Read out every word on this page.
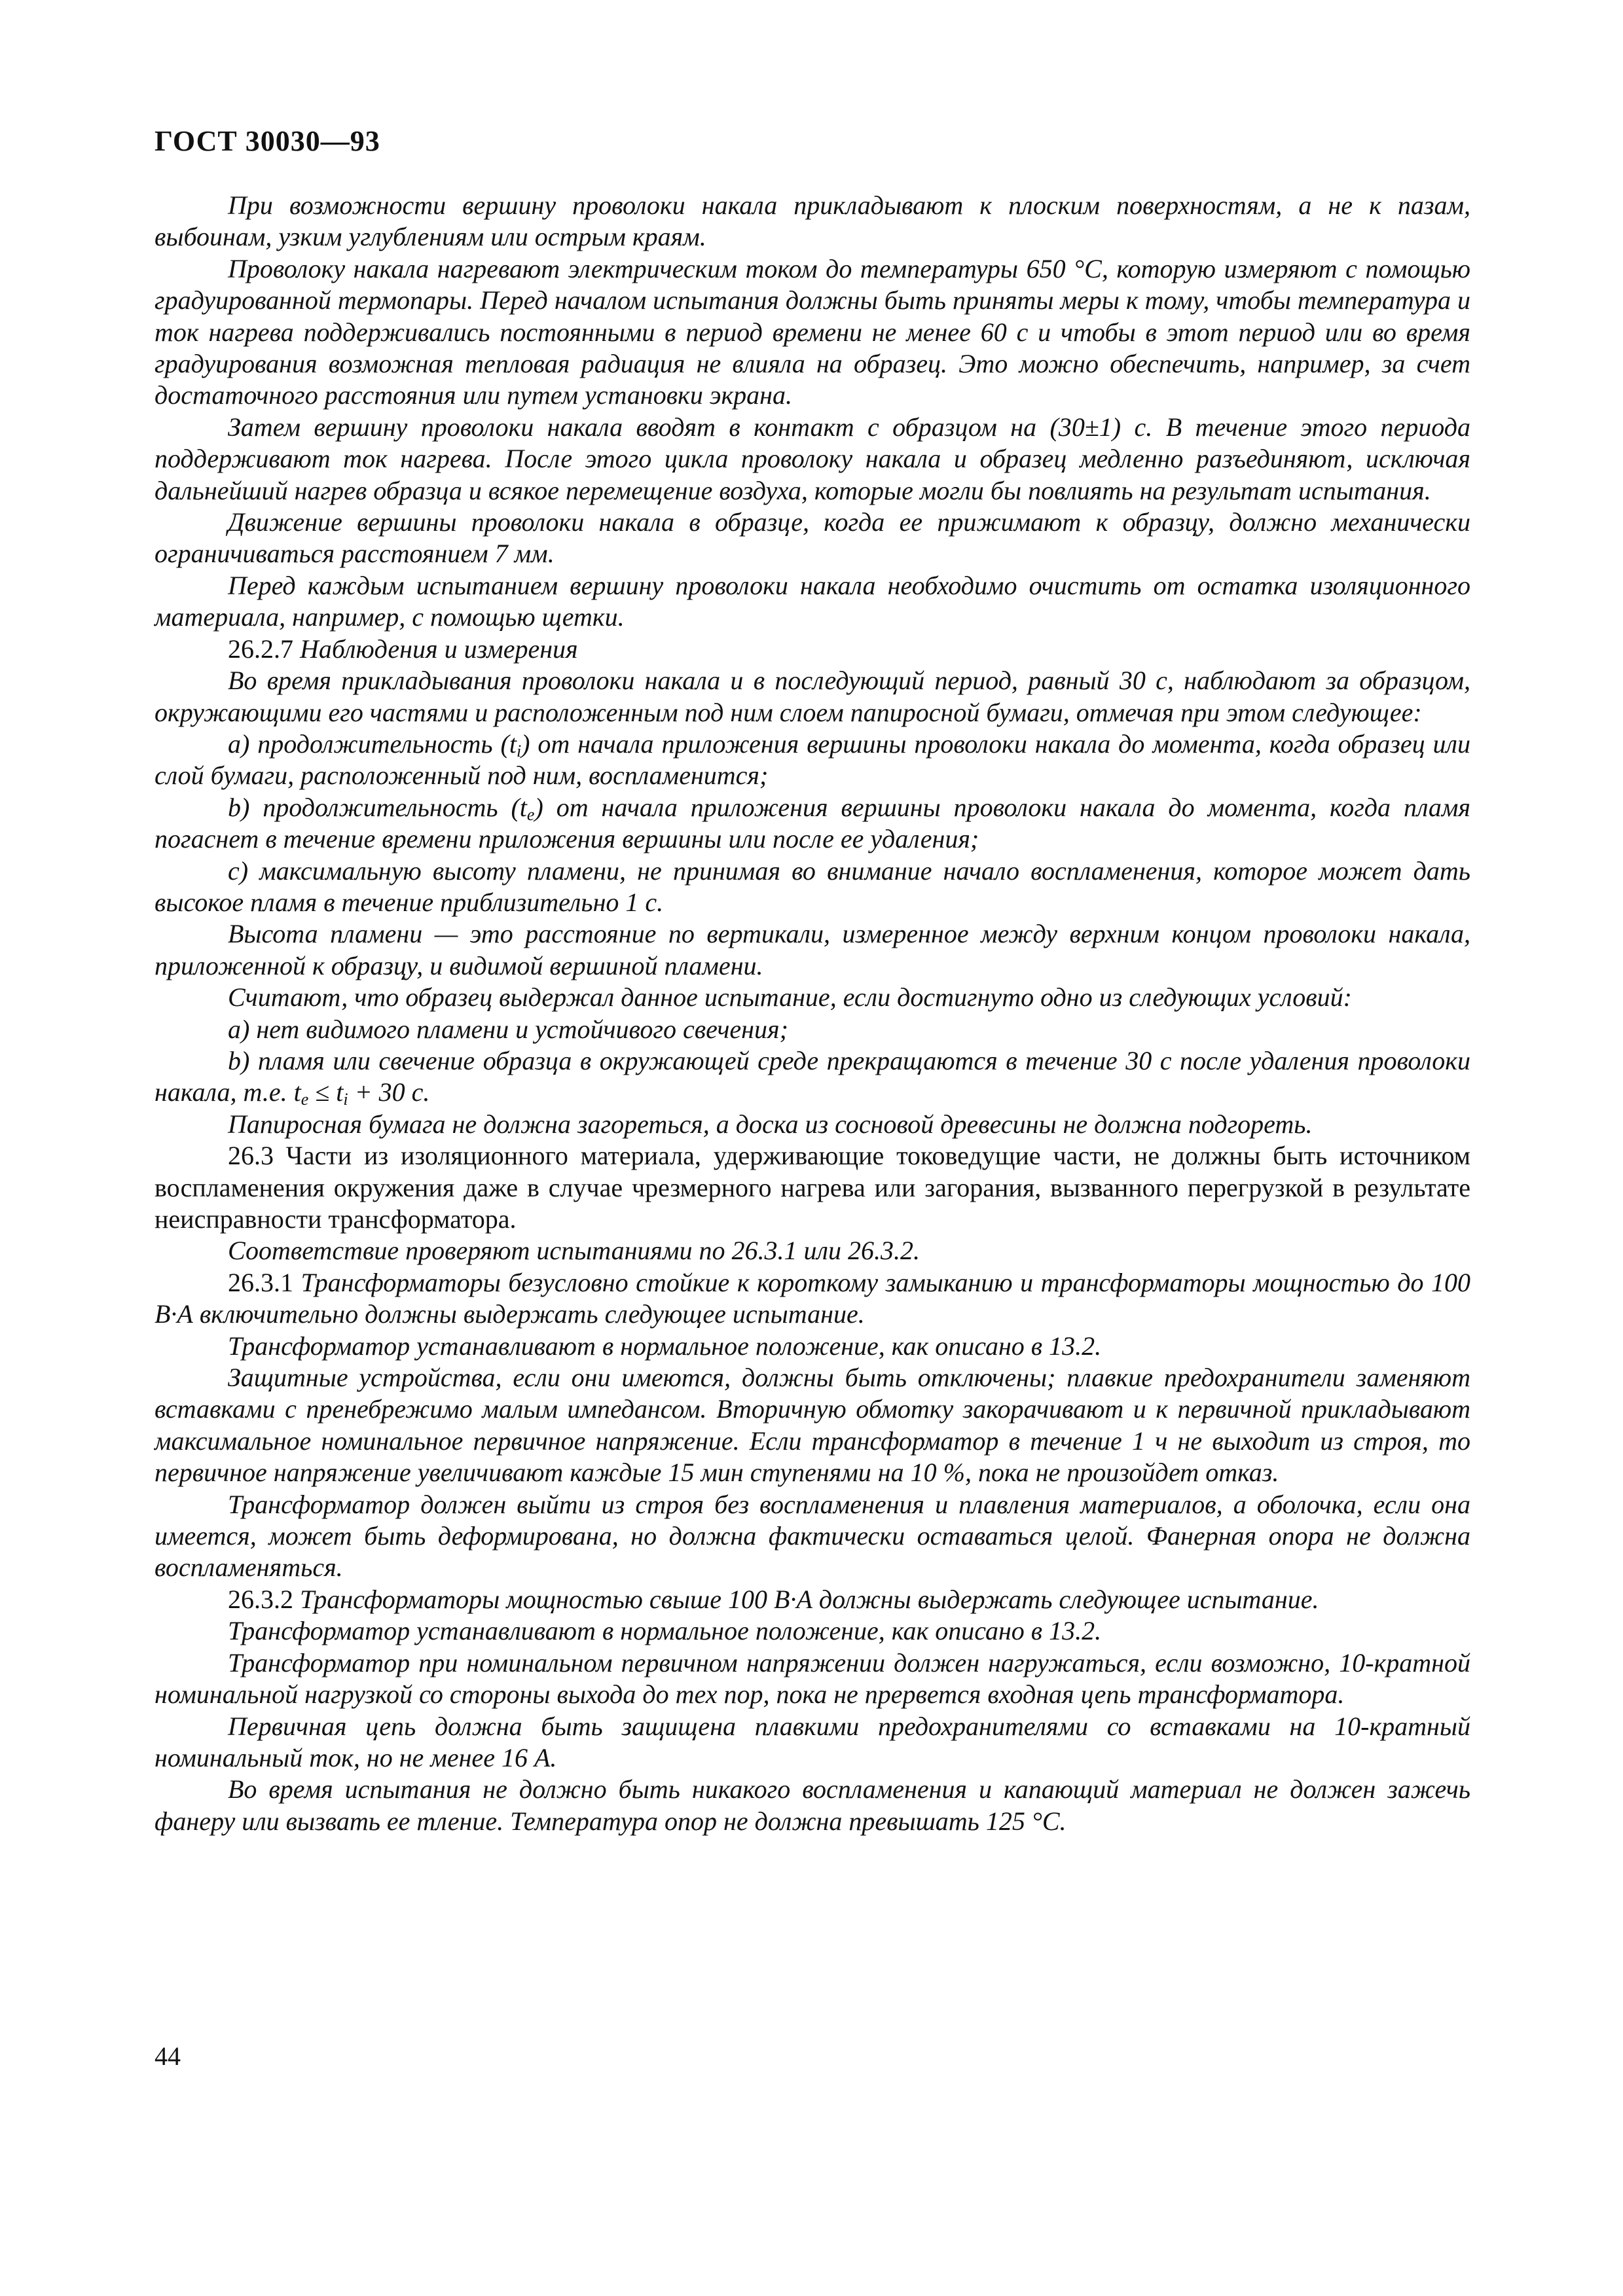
ГОСТ 30030—93

При возможности вершину проволоки накала прикладывают к плоским поверхностям, а не к пазам, выбоинам, узким углублениям или острым краям.

Проволоку накала нагревают электрическим током до температуры 650 °С, которую измеряют с помощью градуированной термопары. Перед началом испытания должны быть приняты меры к тому, чтобы температура и ток нагрева поддерживались постоянными в период времени не менее 60 с и чтобы в этот период или во время градуирования возможная тепловая радиация не влияла на образец. Это можно обеспечить, например, за счет достаточного расстояния или путем установки экрана.

Затем вершину проволоки накала вводят в контакт с образцом на (30±1) с. В течение этого периода поддерживают ток нагрева. После этого цикла проволоку накала и образец медленно разъединяют, исключая дальнейший нагрев образца и всякое перемещение воздуха, которые могли бы повлиять на результат испытания.

Движение вершины проволоки накала в образце, когда ее прижимают к образцу, должно механически ограничиваться расстоянием 7 мм.

Перед каждым испытанием вершину проволоки накала необходимо очистить от остатка изоляционного материала, например, с помощью щетки.

26.2.7 Наблюдения и измерения

Во время прикладывания проволоки накала и в последующий период, равный 30 с, наблюдают за образцом, окружающими его частями и расположенным под ним слоем папиросной бумаги, отмечая при этом следующее:

а) продолжительность $(t_i)$ от начала приложения вершины проволоки накала до момента, когда образец или слой бумаги, расположенный под ним, воспламенится;

b) продолжительность $(t_e)$ от начала приложения вершины проволоки накала до момента, когда пламя погаснет в течение времени приложения вершины или после ее удаления;

с) максимальную высоту пламени, не принимая во внимание начало воспламенения, которое может дать высокое пламя в течение приблизительно 1 с.

Высота пламени — это расстояние по вертикали, измеренное между верхним концом проволоки накала, приложенной к образцу, и видимой вершиной пламени.

Считают, что образец выдержал данное испытание, если достигнуто одно из следующих условий:

а) нет видимого пламени и устойчивого свечения;

b) пламя или свечение образца в окружающей среде прекращаются в течение 30 с после удаления проволоки накала, т.е. $t_e \le t_i + 30$ с.

Папиросная бумага не должна загореться, а доска из сосновой древесины не должна подгореть.

26.3 Части из изоляционного материала, удерживающие токоведущие части, не должны быть источником воспламенения окружения даже в случае чрезмерного нагрева или загорания, вызванного перегрузкой в результате неисправности трансформатора.

Соответствие проверяют испытаниями по 26.3.1 или 26.3.2.

26.3.1 Трансформаторы безусловно стойкие к короткому замыканию и трансформаторы мощностью до 100 В·А включительно должны выдержать следующее испытание.

Трансформатор устанавливают в нормальное положение, как описано в 13.2.

Защитные устройства, если они имеются, должны быть отключены; плавкие предохранители заменяют вставками с пренебрежимо малым импедансом. Вторичную обмотку закорачивают и к первичной прикладывают максимальное номинальное первичное напряжение. Если трансформатор в течение 1 ч не выходит из строя, то первичное напряжение увеличивают каждые 15 мин ступенями на 10 %, пока не произойдет отказ.

Трансформатор должен выйти из строя без воспламенения и плавления материалов, а оболочка, если она имеется, может быть деформирована, но должна фактически оставаться целой. Фанерная опора не должна воспламеняться.

26.3.2 Трансформаторы мощностью свыше 100 В·А должны выдержать следующее испытание.

Трансформатор устанавливают в нормальное положение, как описано в 13.2.

Трансформатор при номинальном первичном напряжении должен нагружаться, если возможно, 10-кратной номинальной нагрузкой со стороны выхода до тех пор, пока не прервется входная цепь трансформатора.

Первичная цепь должна быть защищена плавкими предохранителями со вставками на 10-кратный номинальный ток, но не менее 16 А.

Во время испытания не должно быть никакого воспламенения и капающий материал не должен зажечь фанеру или вызвать ее тление. Температура опор не должна превышать 125 °С.

44
